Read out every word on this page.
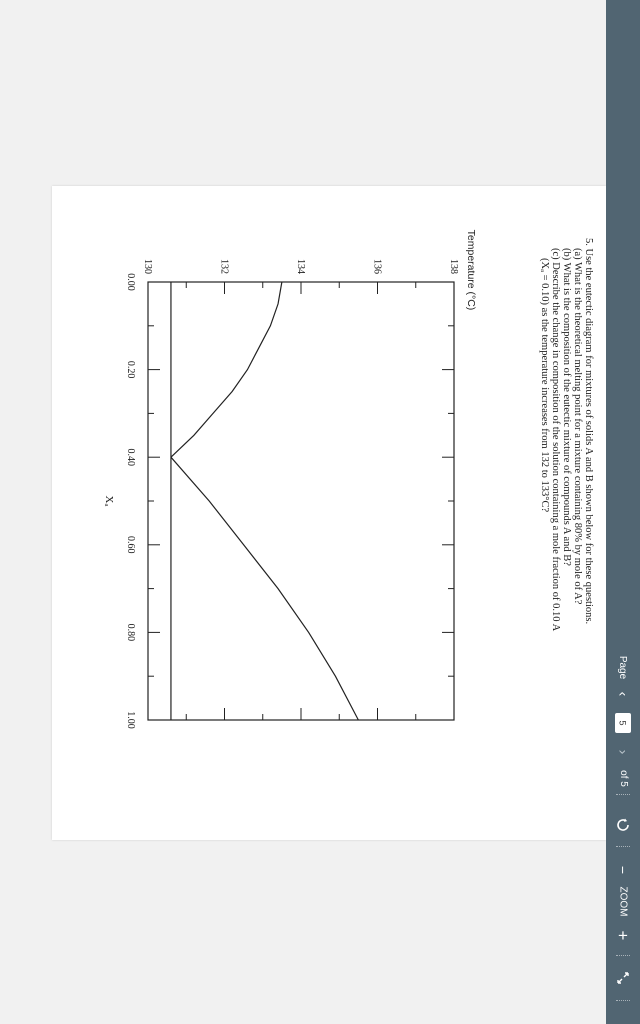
5. Use the eutectic diagram for mixtures of solids A and B shown below for these questions.
(a) What is the theoretical melting point for a mixture containing 80% by mole of A?
(b) What is the composition of the eutectic mixture of compounds A and B?
(c) Describe the change in composition of the solution containing a mole fraction of 0.10 A
(Xₐ = 0.10) as the temperature increases from 132 to 133°C?
0.00
0.20
0.40
0.60
0.80
1.00
130	132	134	136	138 Temperature (°C)
Xₐ
Page
‹
5
›
of 5
−
ZOOM
+
